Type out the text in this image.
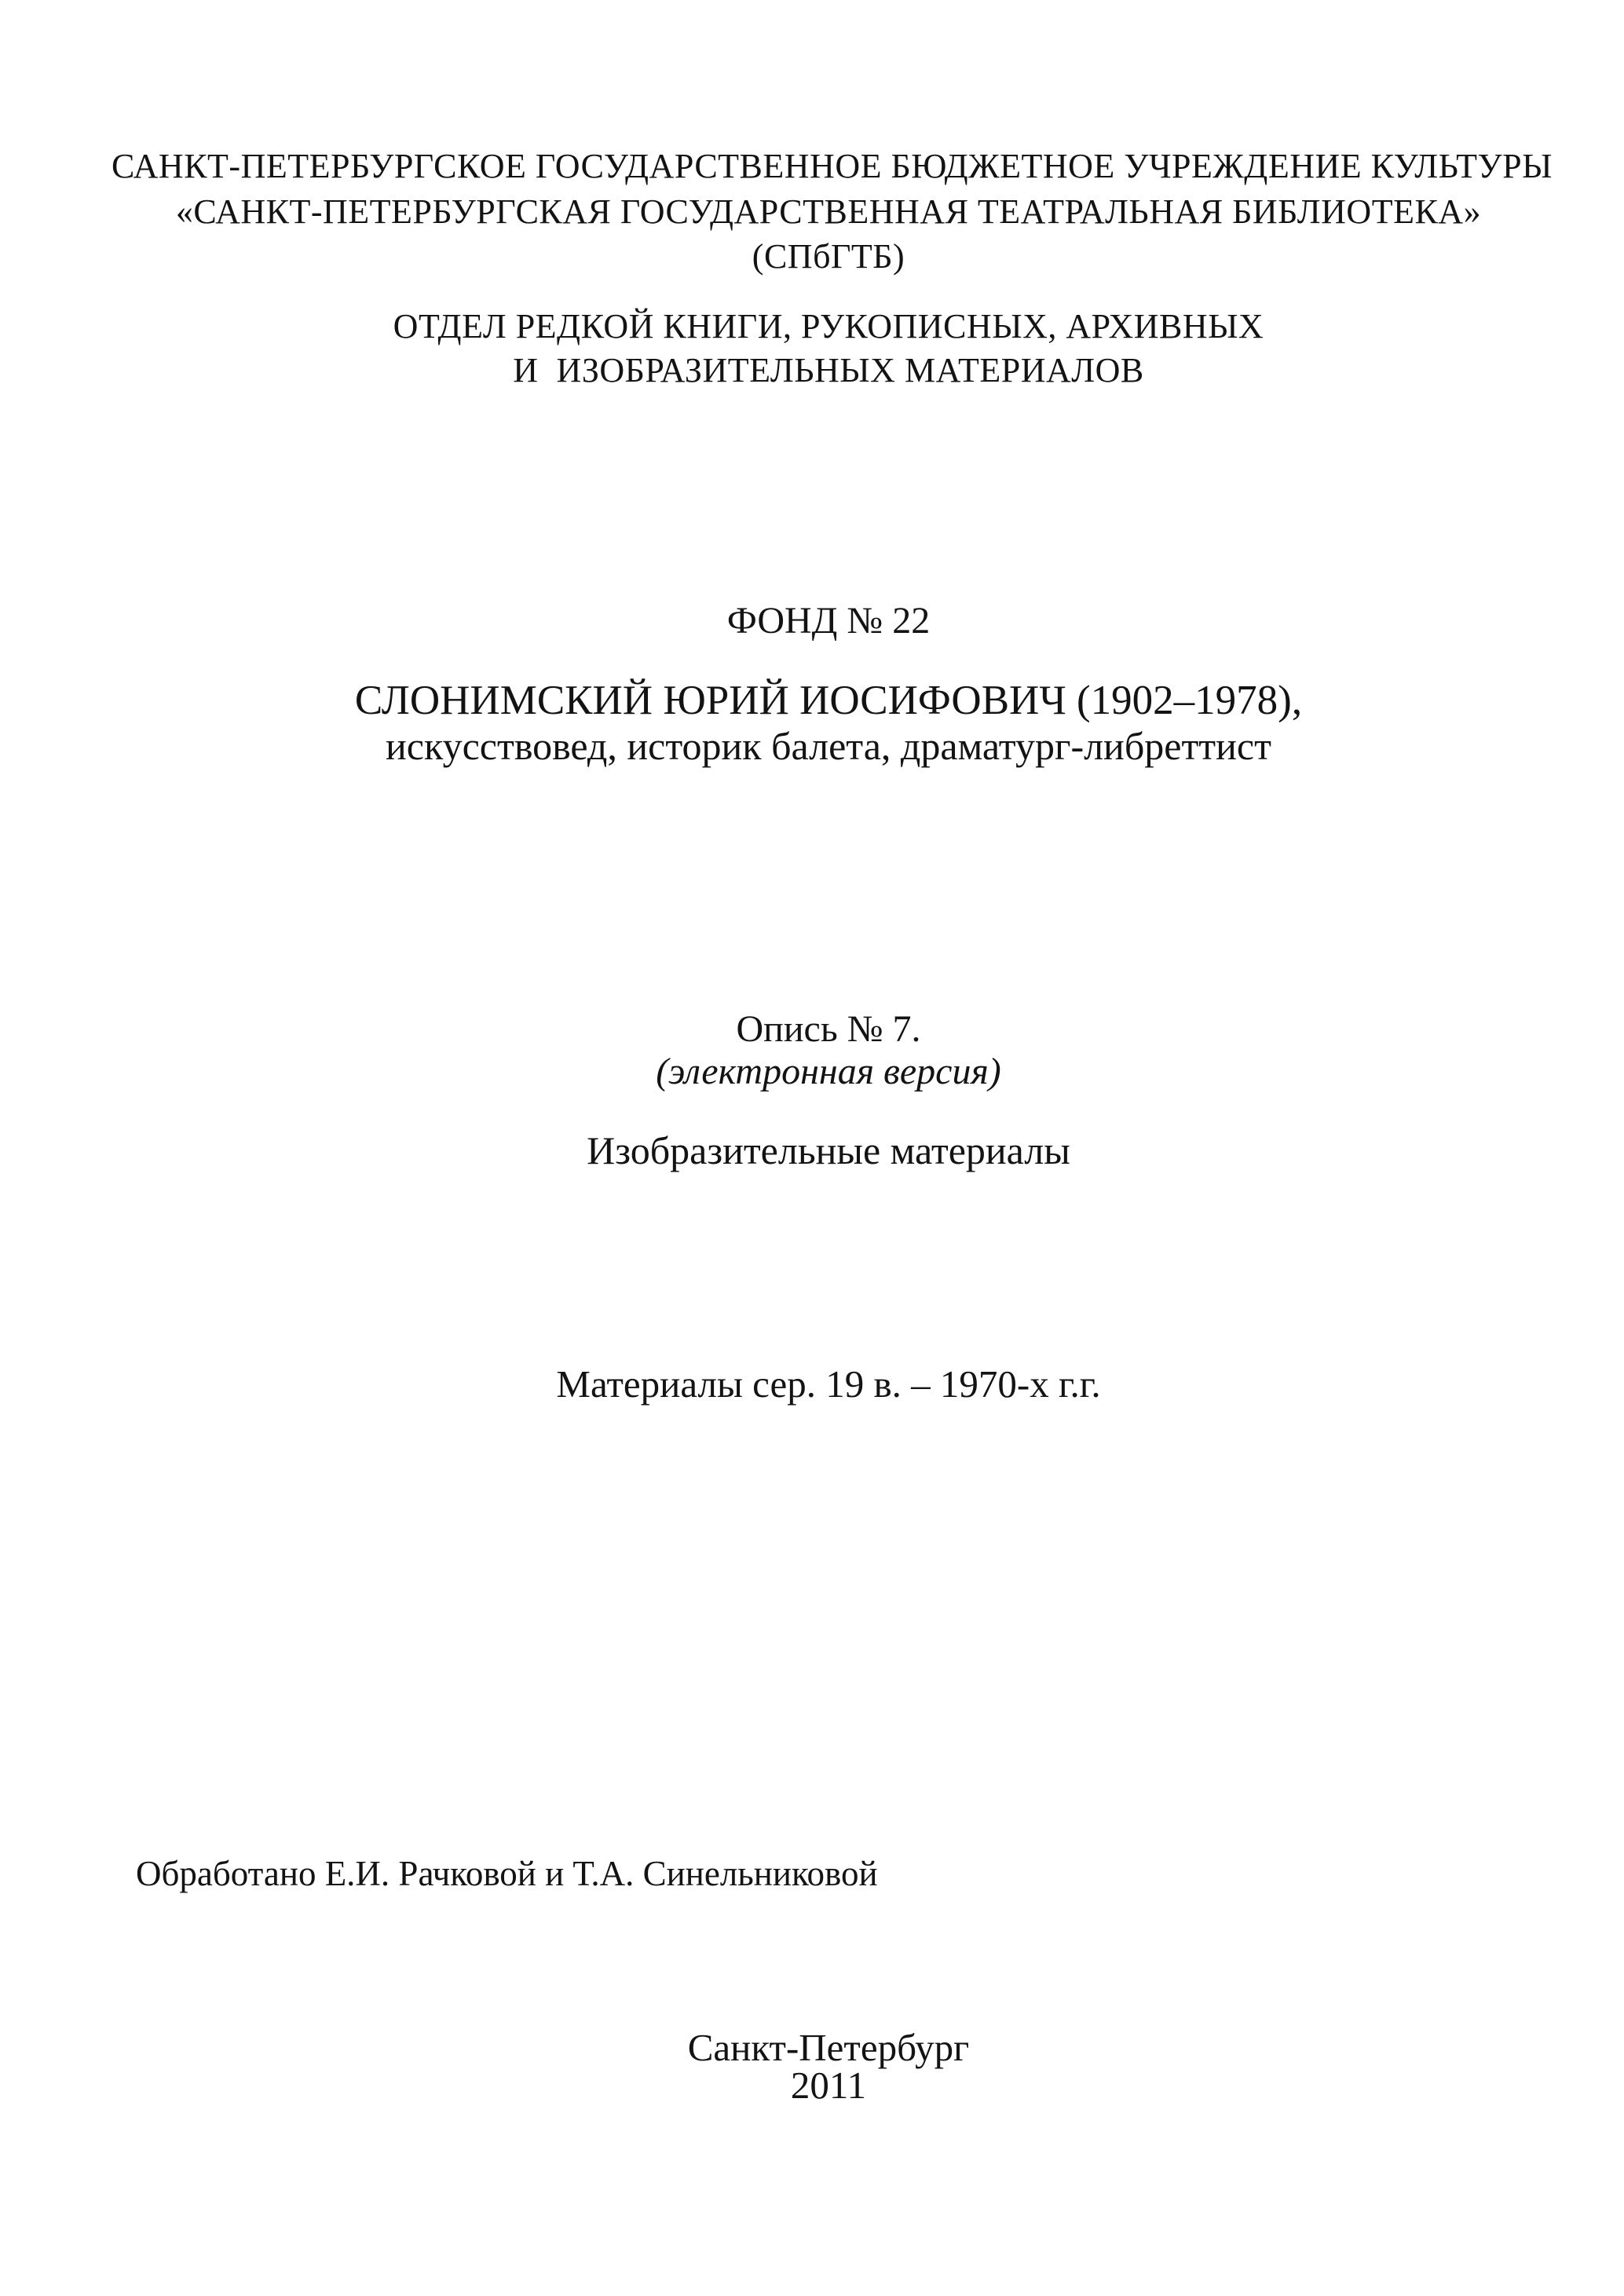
САНКТ-ПЕТЕРБУРГСКОЕ ГОСУДАРСТВЕННОЕ БЮДЖЕТНОЕ УЧРЕЖДЕНИЕ КУЛЬТУРЫ
«САНКТ-ПЕТЕРБУРГСКАЯ ГОСУДАРСТВЕННАЯ ТЕАТРАЛЬНАЯ БИБЛИОТЕКА»
(СПбГТБ)
ОТДЕЛ РЕДКОЙ КНИГИ, РУКОПИСНЫХ, АРХИВНЫХ
И  ИЗОБРАЗИТЕЛЬНЫХ МАТЕРИАЛОВ
ФОНД № 22
СЛОНИМСКИЙ ЮРИЙ ИОСИФОВИЧ (1902–1978),
искусствовед, историк балета, драматург-либреттист
Опись № 7.
(электронная версия)
Изобразительные материалы
Материалы сер. 19 в. – 1970-х г.г.
Обработано Е.И. Рачковой и Т.А. Синельниковой
Санкт-Петербург
2011
